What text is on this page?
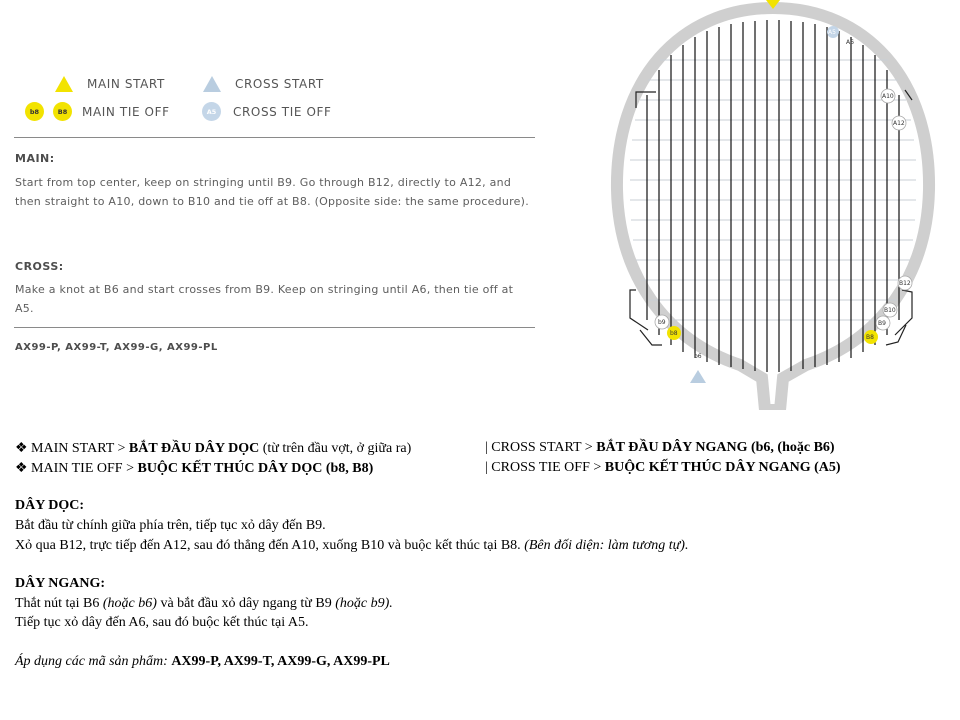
MAIN START	CROSS START
b8	B8	MAIN TIE OFF	A5	CROSS TIE OFF
MAIN:
Start from top center, keep on stringing until B9. Go through B12, directly to A12, and then straight to A10, down to B10 and tie off at B8. (Opposite side: the same procedure).
CROSS:
Make a knot at B6 and start crosses from B9. Keep on stringing until A6, then tie off at A5.
AX99-P, AX99-T, AX99-G, AX99-PL
A5
A6
A10
A12
B12
B10
B9
B8
b9
b8
b6
❖ MAIN START > BẮT ĐẦU DÂY DỌC (từ trên đầu vợt, ở giữa ra)	| CROSS START > BẮT ĐẦU DÂY NGANG (b6, (hoặc B6)
❖ MAIN TIE OFF > BUỘC KẾT THÚC DÂY DỌC (b8, B8)	| CROSS TIE OFF > BUỘC KẾT THÚC DÂY NGANG (A5)
DÂY DỌC:
Bắt đầu từ chính giữa phía trên, tiếp tục xỏ dây đến B9.
Xỏ qua B12, trực tiếp đến A12, sau đó thẳng đến A10, xuống B10 và buộc kết thúc tại B8. (Bên đối diện: làm tương tự).
DÂY NGANG:
Thắt nút tại B6 (hoặc b6) và bắt đầu xỏ dây ngang từ B9 (hoặc b9).
Tiếp tục xỏ dây đến A6, sau đó buộc kết thúc tại A5.
Áp dụng các mã sản phẩm: AX99-P, AX99-T, AX99-G, AX99-PL
